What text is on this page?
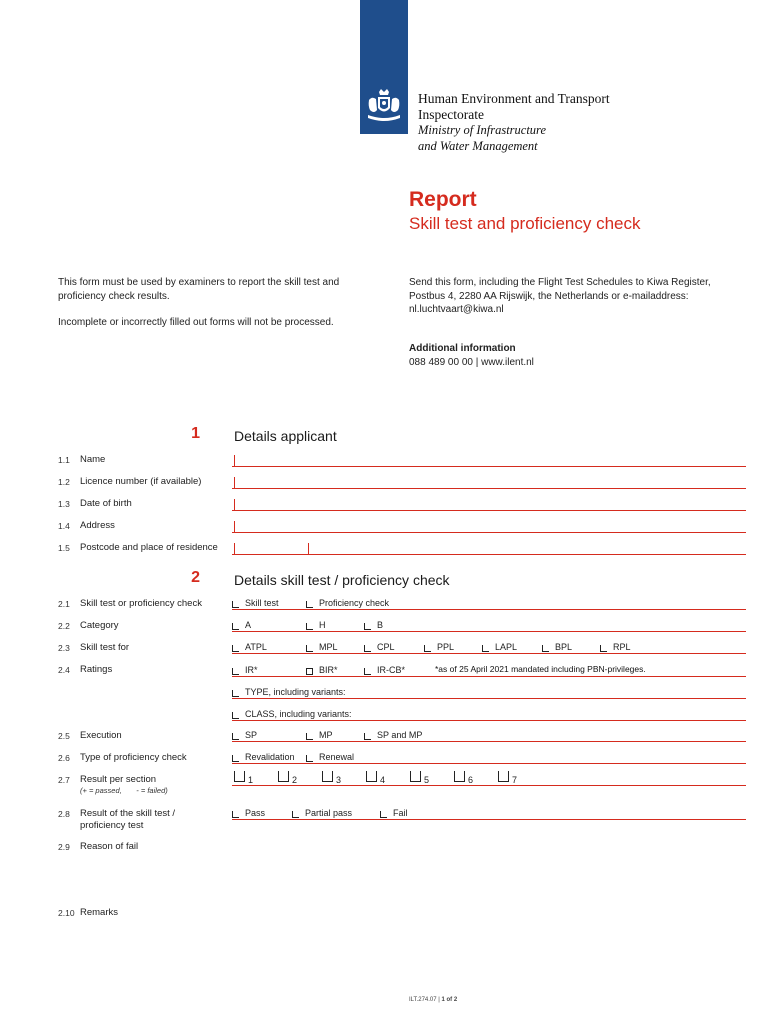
Human Environment and Transport
Inspectorate
Ministry of Infrastructure
and Water Management
Report
Skill test and proficiency check
This form must be used by examiners to report the skill test and
proficiency check results.
Incomplete or incorrectly filled out forms will not be processed.
Send this form, including the Flight Test Schedules to Kiwa Register,
Postbus 4, 2280 AA Rijswijk, the Netherlands or e-mailaddress:
nl.luchtvaart@kiwa.nl
Additional information
088 489 00 00 | www.ilent.nl
1 Details applicant
1.1 Name
1.2 Licence number (if available)
1.3 Date of birth
1.4 Address
1.5 Postcode and place of residence
2 Details skill test / proficiency check
2.1 Skill test or proficiency check	Skill test	Proficiency check
2.2 Category	A	H	B
2.3 Skill test for	ATPL	MPL	CPL	PPL	LAPL	BPL	RPL
2.4 Ratings	IR*	BIR*	IR-CB*	*as of 25 April 2021 mandated including PBN-privileges.
TYPE, including variants:
CLASS, including variants:
2.5 Execution	SP	MP	SP and MP
2.6 Type of proficiency check	Revalidation	Renewal
2.7 Result per section
(+ = passed, - = failed)
1	2	3	4	5	6	7
2.8 Result of the skill test /
proficiency test
Pass	Partial pass	Fail
2.9 Reason of fail
2.10 Remarks
ILT.274.07 | 1 of 2
